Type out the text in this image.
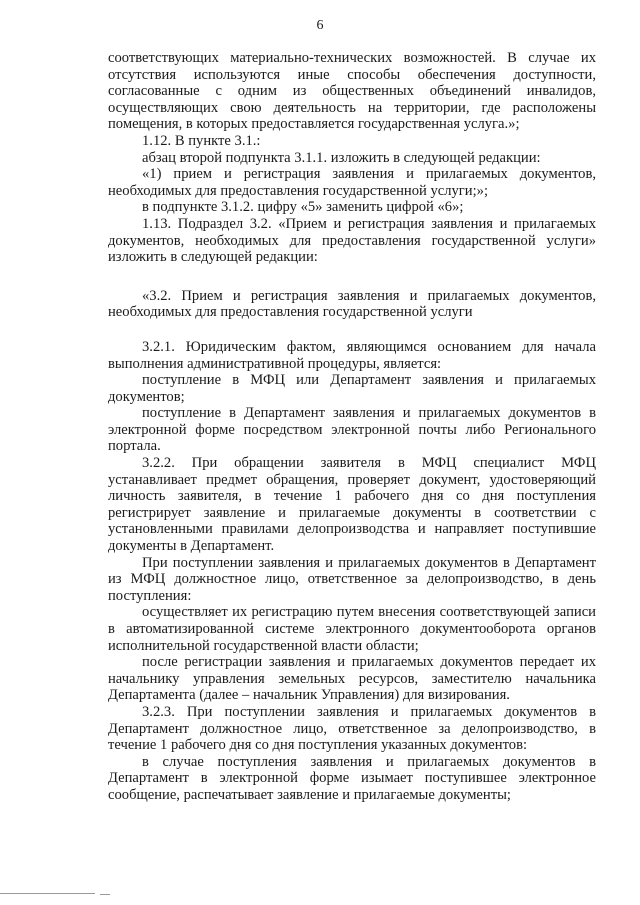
6

соответствующих материально-технических возможностей. В случае их отсутствия используются иные способы обеспечения доступности, согласованные с одним из общественных объединений инвалидов, осуществляющих свою деятельность на территории, где расположены помещения, в которых предоставляется государственная услуга.»;

1.12. В пункте 3.1.:

абзац второй подпункта 3.1.1. изложить в следующей редакции:

«1) прием и регистрация заявления и прилагаемых документов, необходимых для предоставления государственной услуги;»;

в подпункте 3.1.2. цифру «5» заменить цифрой «6»;

1.13. Подраздел 3.2. «Прием и регистрация заявления и прилагаемых документов, необходимых для предоставления государственной услуги» изложить в следующей редакции:

«3.2. Прием и регистрация заявления и прилагаемых документов, необходимых для предоставления государственной услуги

3.2.1. Юридическим фактом, являющимся основанием для начала выполнения административной процедуры, является:

поступление в МФЦ или Департамент заявления и прилагаемых документов;

поступление в Департамент заявления и прилагаемых документов в электронной форме посредством электронной почты либо Регионального портала.

3.2.2. При обращении заявителя в МФЦ специалист МФЦ устанавливает предмет обращения, проверяет документ, удостоверяющий личность заявителя, в течение 1 рабочего дня со дня поступления регистрирует заявление и прилагаемые документы в соответствии с установленными правилами делопроизводства и направляет поступившие документы в Департамент.

При поступлении заявления и прилагаемых документов в Департамент из МФЦ должностное лицо, ответственное за делопроизводство, в день поступления:

осуществляет их регистрацию путем внесения соответствующей записи в автоматизированной системе электронного документооборота органов исполнительной государственной власти области;

после регистрации заявления и прилагаемых документов передает их начальнику управления земельных ресурсов, заместителю начальника Департамента (далее – начальник Управления) для визирования.

3.2.3. При поступлении заявления и прилагаемых документов в Департамент должностное лицо, ответственное за делопроизводство, в течение 1 рабочего дня со дня поступления указанных документов:

в случае поступления заявления и прилагаемых документов в Департамент в электронной форме изымает поступившее электронное сообщение, распечатывает заявление и прилагаемые документы;
